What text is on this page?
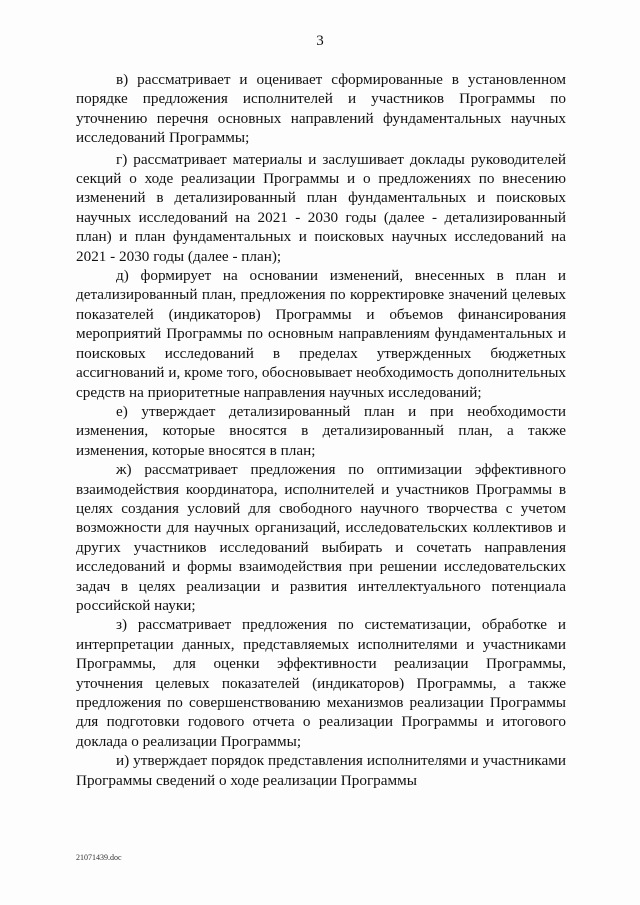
3

в) рассматривает и оценивает сформированные в установленном порядке предложения исполнителей и участников Программы по уточнению перечня основных направлений фундаментальных научных исследований Программы;

г) рассматривает материалы и заслушивает доклады руководителей секций о ходе реализации Программы и о предложениях по внесению изменений в детализированный план фундаментальных и поисковых научных исследований на 2021 - 2030 годы (далее - детализированный план) и план фундаментальных и поисковых научных исследований на 2021 - 2030 годы (далее - план);

д) формирует на основании изменений, внесенных в план и детализированный план, предложения по корректировке значений целевых показателей (индикаторов) Программы и объемов финансирования мероприятий Программы по основным направлениям фундаментальных и поисковых исследований в пределах утвержденных бюджетных ассигнований и, кроме того, обосновывает необходимость дополнительных средств на приоритетные направления научных исследований;

е) утверждает детализированный план и при необходимости изменения, которые вносятся в детализированный план, а также изменения, которые вносятся в план;

ж) рассматривает предложения по оптимизации эффективного взаимодействия координатора, исполнителей и участников Программы в целях создания условий для свободного научного творчества с учетом возможности для научных организаций, исследовательских коллективов и других участников исследований выбирать и сочетать направления исследований и формы взаимодействия при решении исследовательских задач в целях реализации и развития интеллектуального потенциала российской науки;

з) рассматривает предложения по систематизации, обработке и интерпретации данных, представляемых исполнителями и участниками Программы, для оценки эффективности реализации Программы, уточнения целевых показателей (индикаторов) Программы, а также предложения по совершенствованию механизмов реализации Программы для подготовки годового отчета о реализации Программы и итогового доклада о реализации Программы;

и) утверждает порядок представления исполнителями и участниками Программы сведений о ходе реализации Программы

21071439.doc
